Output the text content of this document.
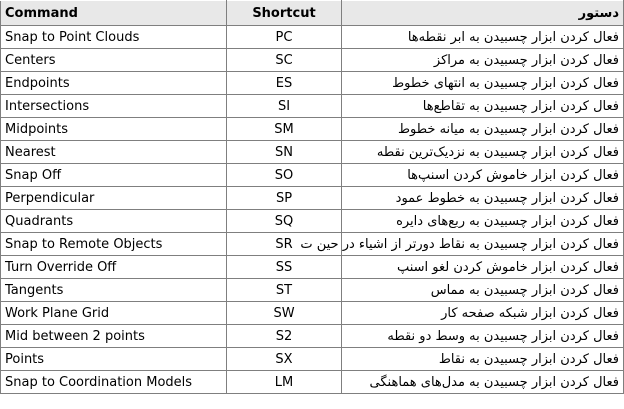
Command	Shortcut	دستور
Snap to Point Clouds	PC	فعال کردن ابزار چسبیدن به ابر نقطه‌ها
Centers	SC	فعال کردن ابزار چسبیدن به مراکز
Endpoints	ES	فعال کردن ابزار چسبیدن به انتهای خطوط
Intersections	SI	فعال کردن ابزار چسبیدن به تقاطع‌ها
Midpoints	SM	فعال کردن ابزار چسبیدن به میانه خطوط
Nearest	SN	فعال کردن ابزار چسبیدن به نزدیک‌ترین نقطه
Snap Off	SO	فعال کردن ابزار خاموش کردن اسنپ‌ها
Perpendicular	SP	فعال کردن ابزار چسبیدن به خطوط عمود
Quadrants	SQ	فعال کردن ابزار چسبیدن به ربع‌های دایره
Snap to Remote Objects	SR	فعال کردن ابزار چسبیدن به نقاط دورتر از اشیاء در حین ت
Turn Override Off	SS	فعال کردن ابزار خاموش کردن لغو اسنپ
Tangents	ST	فعال کردن ابزار چسبیدن به مماس
Work Plane Grid	SW	فعال کردن ابزار شبکه صفحه کار
Mid between 2 points	S2	فعال کردن ابزار چسبیدن به وسط دو نقطه
Points	SX	فعال کردن ابزار چسبیدن به نقاط
Snap to Coordination Models	LM	فعال کردن ابزار چسبیدن به مدل‌های هماهنگی
